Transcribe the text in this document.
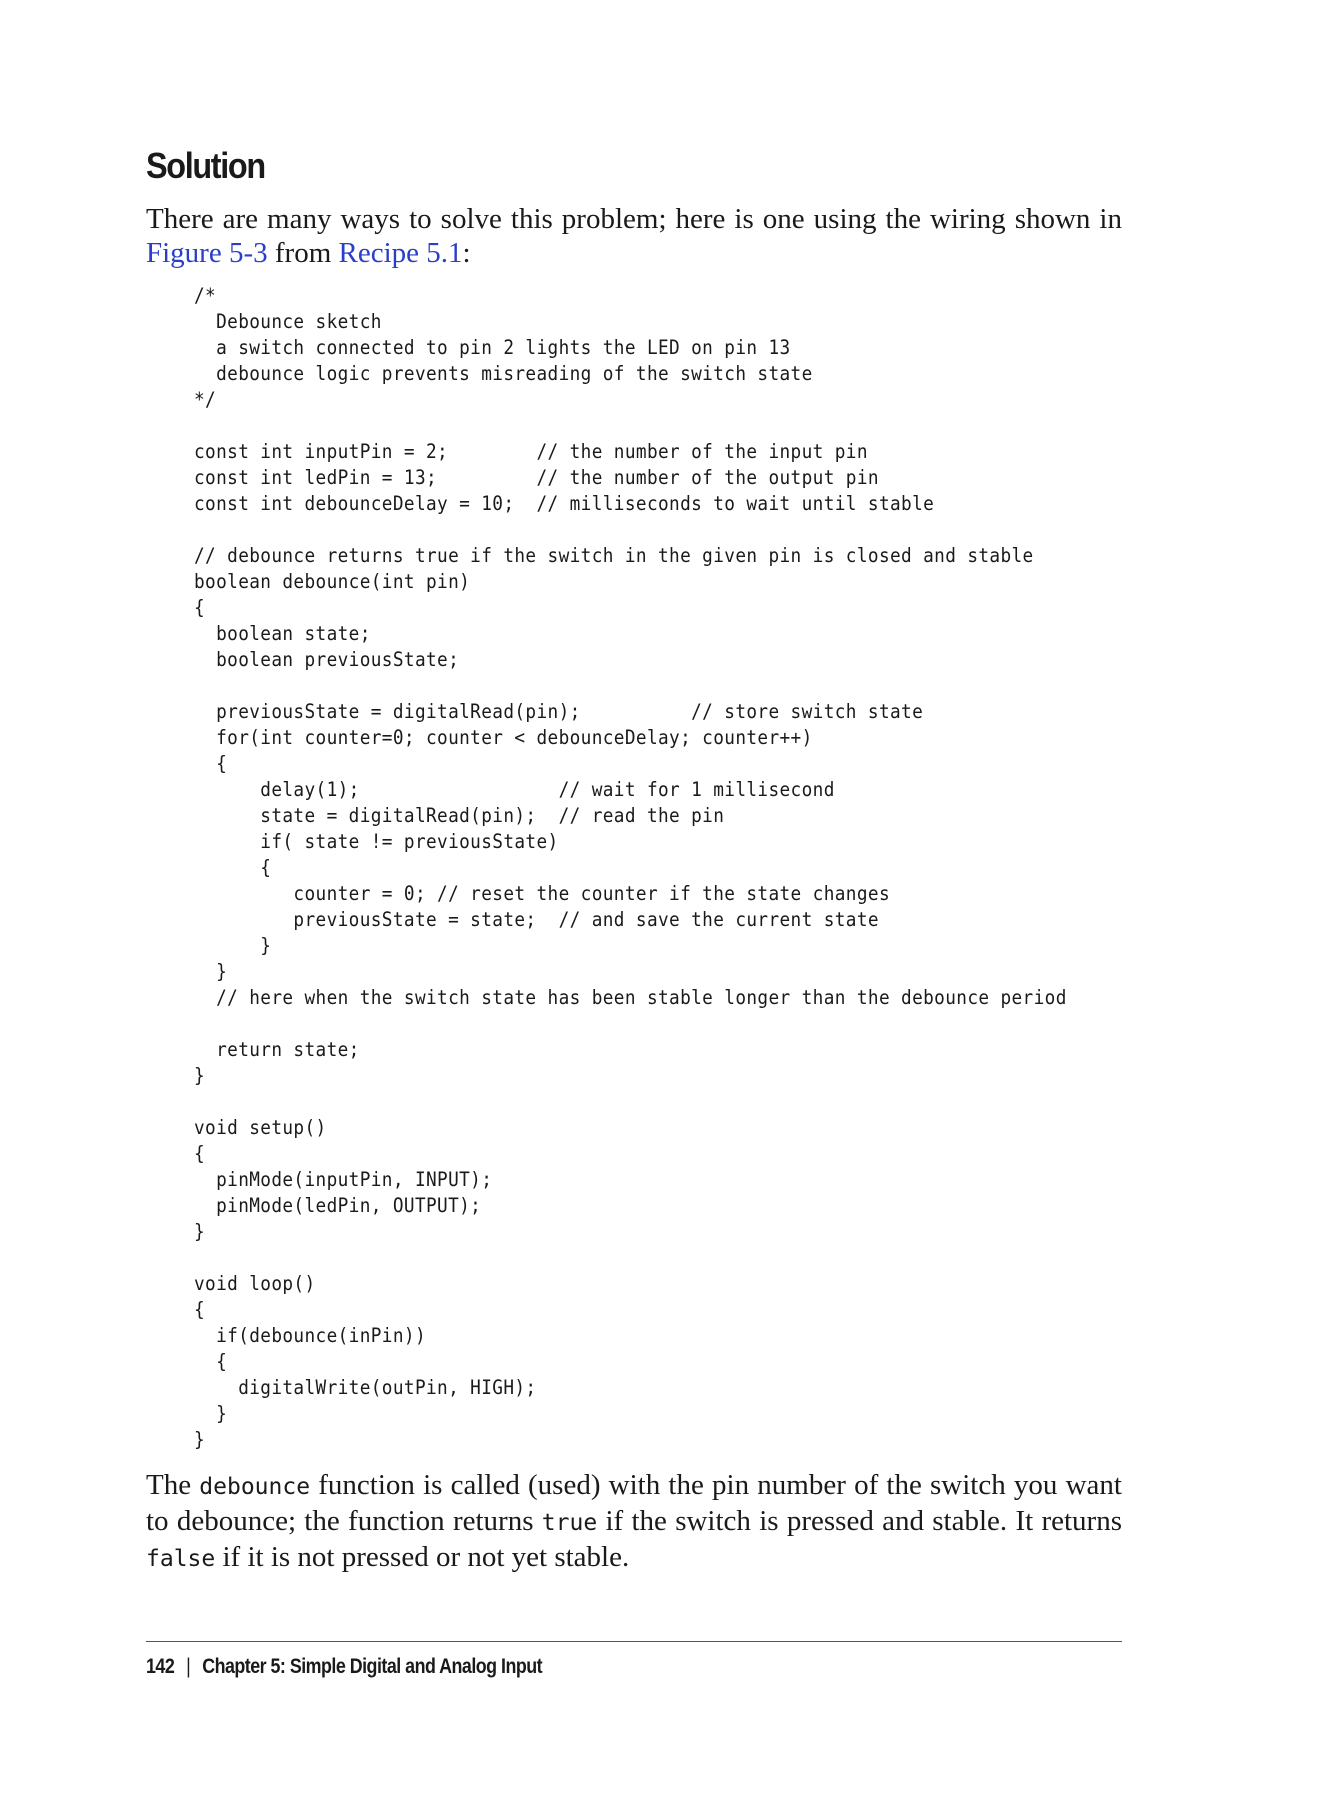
Solution

There are many ways to solve this problem; here is one using the wiring shown in Figure 5-3 from Recipe 5.1:

/*
Debounce sketch
a switch connected to pin 2 lights the LED on pin 13
debounce logic prevents misreading of the switch state
*/
const int inputPin = 2;        // the number of the input pin
const int ledPin = 13;         // the number of the output pin
const int debounceDelay = 10;  // milliseconds to wait until stable
// debounce returns true if the switch in the given pin is closed and stable
boolean debounce(int pin)
{
boolean state;
boolean previousState;
previousState = digitalRead(pin);          // store switch state
for(int counter=0; counter < debounceDelay; counter++)
{
delay(1);                  // wait for 1 millisecond
state = digitalRead(pin);  // read the pin
if( state != previousState)
{
counter = 0; // reset the counter if the state changes
previousState = state;  // and save the current state
}
}
// here when the switch state has been stable longer than the debounce period
return state;
}
void setup()
{
pinMode(inputPin, INPUT);
pinMode(ledPin, OUTPUT);
}
void loop()
{
if(debounce(inPin))
{
digitalWrite(outPin, HIGH);
}
}

The debounce function is called (used) with the pin number of the switch you want to debounce; the function returns true if the switch is pressed and stable. It returns false if it is not pressed or not yet stable.

142 | Chapter 5: Simple Digital and Analog Input
